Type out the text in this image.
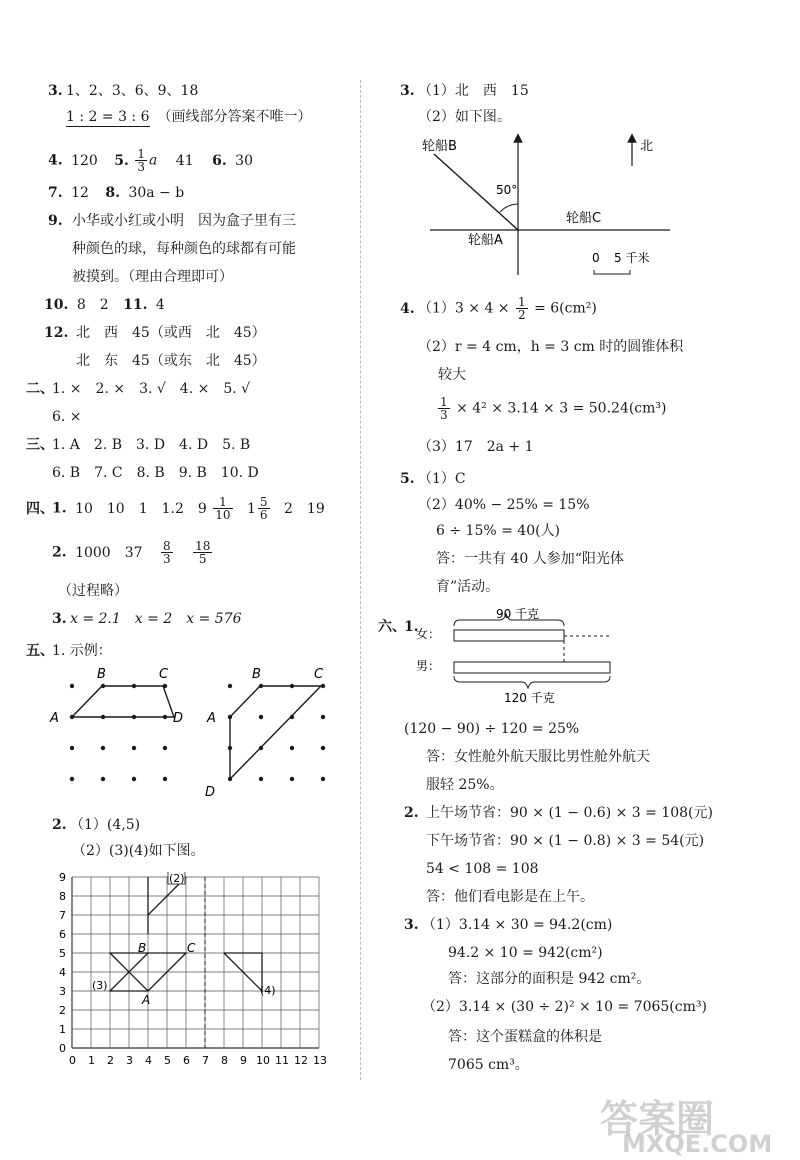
3. 1、2、3、6、9、18
1 : 2 = 3 : 6 （画线部分答案不唯一）
4. 120 5. $\frac{1}{3}$ a 41 6. 30
7. 12 8. 30a − b
9. 小华或小红或小明　因为盒子里有三
种颜色的球，每种颜色的球都有可能
被摸到。（理由合理即可）
10. 8　2 11. 4
12. 北　西　45（或西　北　45）
北　东　45（或东　北　45）
二、
1. ×　2. ×　3. √　4. ×　5. √
6. ×
三、
1. A　2. B　3. D　4. D　5. B
6. B　7. C　8. B　9. B　10. D
四、
1. 10　10　1　1.2　$9 \frac{1}{10} 1 \frac{5}{6} 2$　19
2. 1000　$37 \frac{8}{3}$
$\frac{18}{5}$
（过程略）
3. x = 2.1　x = 2　x = 576
五、
1. 示例：
A
B	C
D A
B	C
D
2. （1）(4,5)
（2）(3)(4)如下图。
0
1
2
3
4
5
6
7
8
9
0 1 2 3 4 5 6 7 8 9 10 11 12 13
(2)
(3)	(4)
A
B	C
3. （1）北　西　15
（2）如下图。
50°
轮船B
轮船A
轮船C
北
0 5 千米
4. $(1)3 \times 4 \times \frac{1}{2} = 6(cm^2)$
（2）r = 4 cm，h = 3 cm 时的圆锥体积
较大
$\frac{1}{3} \times 4^2 \times 3.14 \times 3 = 50.24(cm^3)$
（3）17　2a + 1
5. （1）C
（2）40% − 25% = 15%
6 ÷ 15% = 40(人)
答：一共有 40 人参加“阳光体
育”活动。
六、
1.
90 千克
女：
男：
120 千克
(120 − 90) ÷ 120 = 25%
答：女性舱外航天服比男性舱外航天
服轻 25%。
2. 上午场节省：90 × (1 − 0.6) × 3 = 108(元)
下午场节省：90 × (1 − 0.8) × 3 = 54(元)
54 < 108 = 108
答：他们看电影是在上午。
3. （1）3.14 × 30 = 94.2(cm)
94.2 × 10 = 942(cm²)
答：这部分的面积是 942 cm²。
（2）3.14 × (30 ÷ 2)² × 10 = 7065(cm³)
答：这个蛋糕盒的体积是
7065 cm³。
答案圈
MXQE.COM
